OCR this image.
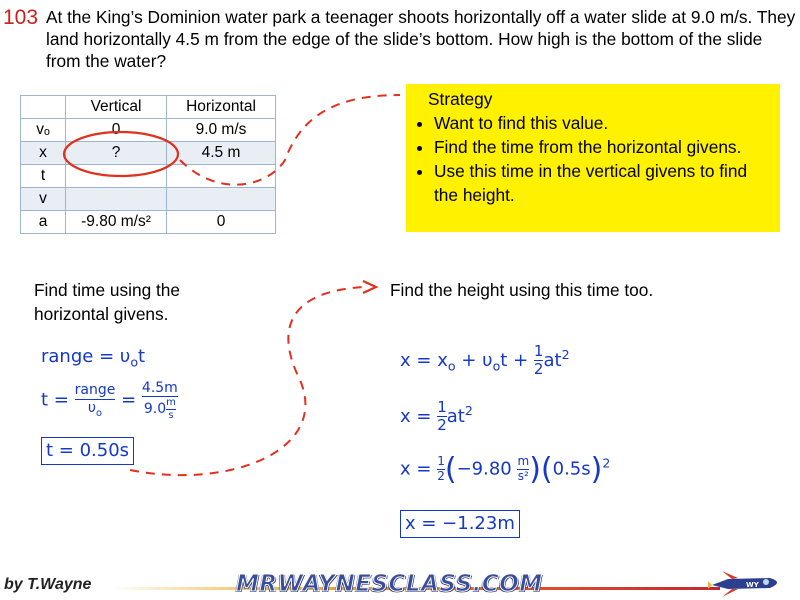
103 At the King’s Dominion water park a teenager shoots horizontally off a water slide at 9.0 m/s. They land horizontally 4.5 m from the edge of the slide’s bottom. How high is the bottom of the slide from the water?
	Vertical	Horizontal
vₒ	0	9.0 m/s
x	?	4.5 m
t		
v		
a	-9.80 m/s²	0
Strategy
• Want to find this value.
• Find the time from the horizontal givens.
• Use this time in the vertical givens to find the height.
Find time using the horizontal givens.
Find the height using this time too.
range = $\upsilon_ot$
$t = \frac{\text{range}}{\upsilon_o} = \frac{4.5m}{9.0 \frac{m}{s}}$
t = 0.50s
$x = x_o + \upsilon_ot + \frac{1}{2} at^2$
$x = \frac{1}{2} at^2$
$x = \frac{1}{2} (-9.80 \frac{m}{\text{s²}} )(0.5s)^2$
x = −1.23m
by T.Wayne	MRWAYNESCLASS.COM	WY
